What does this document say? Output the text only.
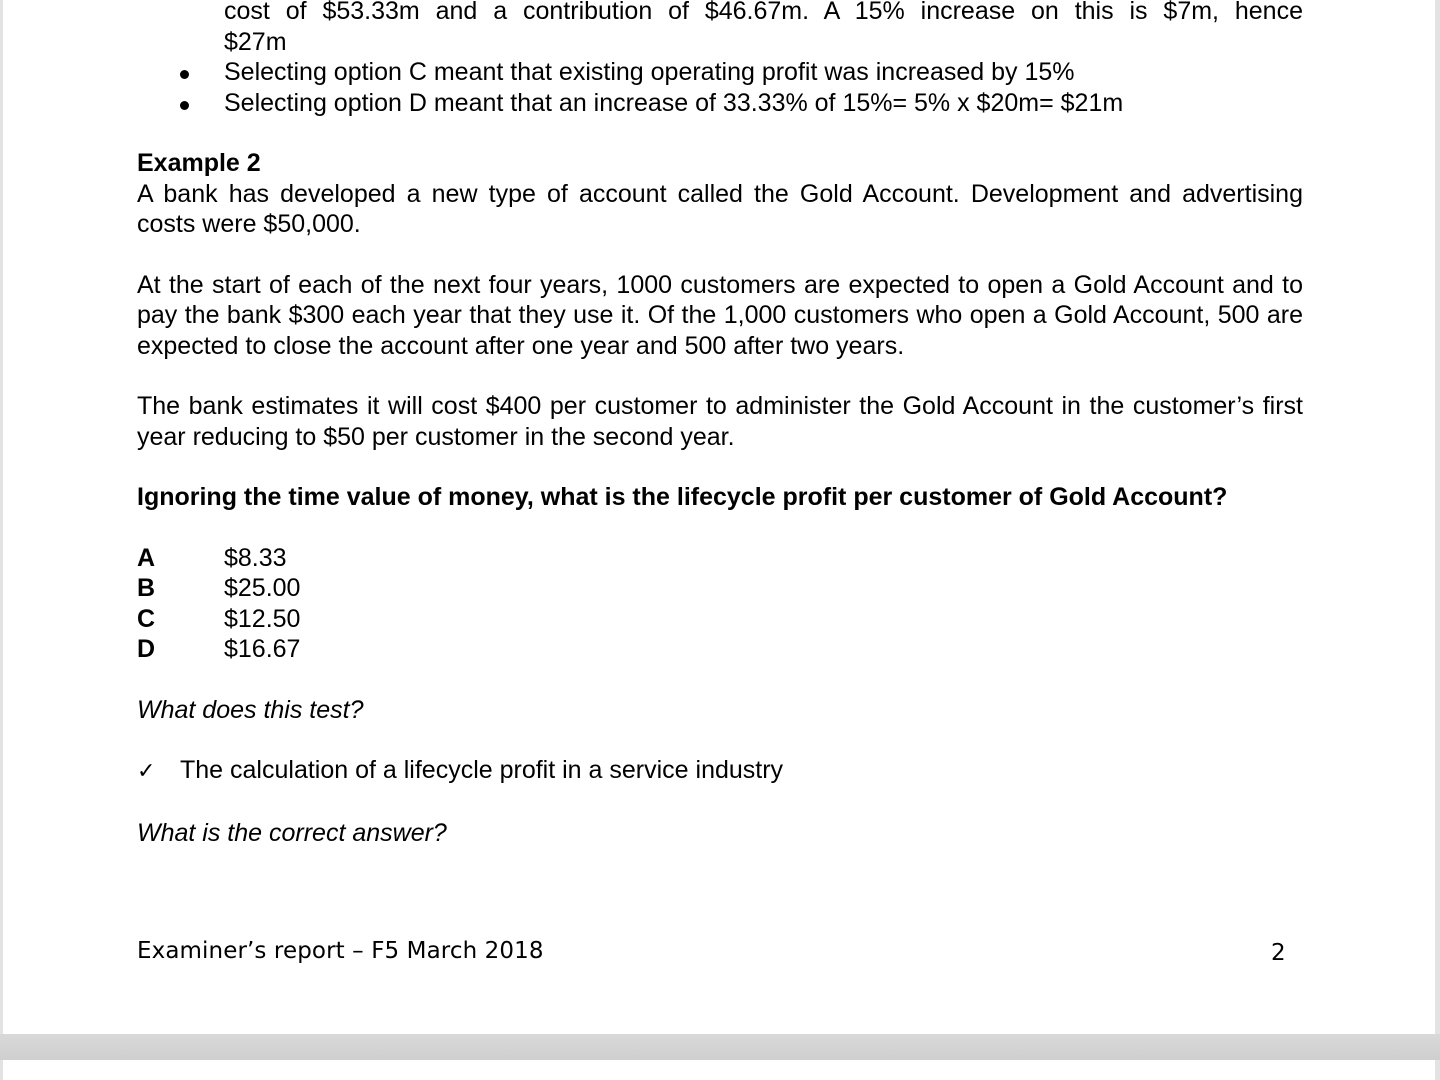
cost of $53.33m and a contribution of $46.67m. A 15% increase on this is $7m, hence

$27m

Selecting option C meant that existing operating profit was increased by 15%
Selecting option D meant that an increase of 33.33% of 15%= 5% x $20m= $21m

Example 2

A bank has developed a new type of account called the Gold Account. Development and advertising costs were $50,000.

At the start of each of the next four years, 1000 customers are expected to open a Gold Account and to pay the bank $300 each year that they use it. Of the 1,000 customers who open a Gold Account, 500 are expected to close the account after one year and 500 after two years.

The bank estimates it will cost $400 per customer to administer the Gold Account in the customer’s first year reducing to $50 per customer in the second year.

Ignoring the time value of money, what is the lifecycle profit per customer of Gold Account?

A	$8.33
B	$25.00
C	$12.50
D	$16.67

What does this test?

✓ The calculation of a lifecycle profit in a service industry

What is the correct answer?

Examiner’s report – F5 March 2018	2
